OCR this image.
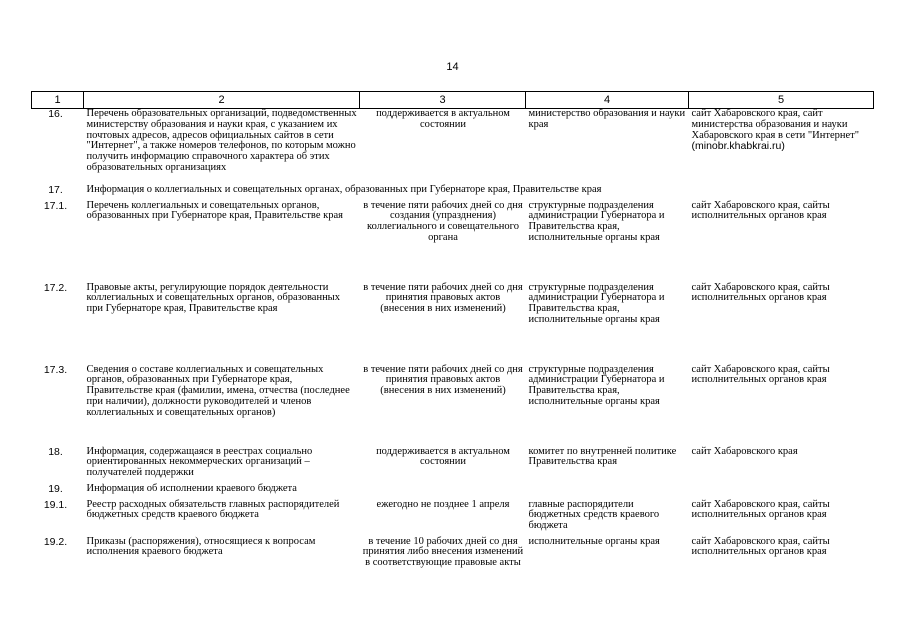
14
1	2	3	4	5
16.	Перечень образовательных организаций, подведомственных министерству образования и науки края, с указанием их почтовых адресов, адресов официальных сайтов в сети "Интернет", а также номеров телефонов, по которым можно получить информацию справочного характера об этих образовательных организациях	поддерживается в актуальном состоянии	министерство образования и науки края	сайт Хабаровского края, сайт министерства образования и науки Хабаровского края в сети "Интернет"
(minobr.khabkrai.ru)
17.	Информация о коллегиальных и совещательных органах, образованных при Губернаторе края, Правительстве края			
17.1.	Перечень коллегиальных и совещательных органов, образованных при Губернаторе края, Правительстве края	в течение пяти рабочих дней со дня создания (упразднения) коллегиального и совещательного органа	структурные подразделения администрации Губернатора и Правительства края, исполнительные органы края	сайт Хабаровского края, сайты исполнительных органов края
17.2.	Правовые акты, регулирующие порядок деятельности коллегиальных и совещательных органов, образованных при Губернаторе края, Правительстве края	в течение пяти рабочих дней со дня принятия правовых актов (внесения в них изменений)	структурные подразделения администрации Губернатора и Правительства края, исполнительные органы края	сайт Хабаровского края, сайты исполнительных органов края
17.3.	Сведения о составе коллегиальных и совещательных органов, образованных при Губернаторе края, Правительстве края (фамилии, имена, отчества (последнее при наличии), должности руководителей и членов коллегиальных и совещательных органов)	в течение пяти рабочих дней со дня принятия правовых актов (внесения в них изменений)	структурные подразделения администрации Губернатора и Правительства края, исполнительные органы края	сайт Хабаровского края, сайты исполнительных органов края
18.	Информация, содержащаяся в реестрах социально ориентированных некоммерческих организаций – получателей поддержки	поддерживается в актуальном состоянии	комитет по внутренней политике Правительства края	сайт Хабаровского края
19.	Информация об исполнении краевого бюджета			
19.1.	Реестр расходных обязательств главных распорядителей бюджетных средств краевого бюджета	ежегодно не позднее 1 апреля	главные распорядители бюджетных средств краевого бюджета	сайт Хабаровского края, сайты исполнительных органов края
19.2.	Приказы (распоряжения), относящиеся к вопросам исполнения краевого бюджета	в течение 10 рабочих дней со дня принятия либо внесения изменений в соответствующие правовые акты	исполнительные органы края	сайт Хабаровского края, сайты исполнительных органов края
